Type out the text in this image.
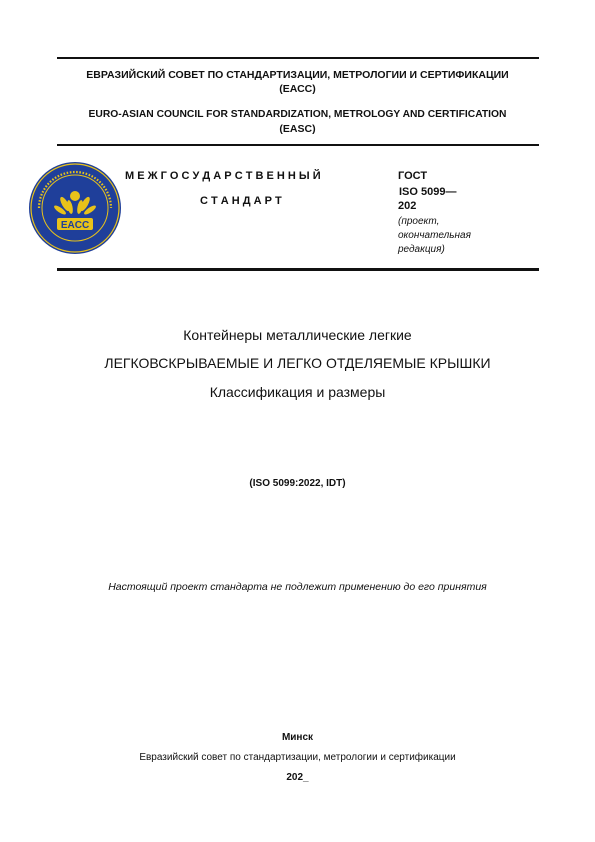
ЕВРАЗИЙСКИЙ СОВЕТ ПО СТАНДАРТИЗАЦИИ, МЕТРОЛОГИИ И СЕРТИФИКАЦИИ
(ЕАСС)
EURO-ASIAN COUNCIL FOR STANDARDIZATION, METROLOGY AND CERTIFICATION
(EASC)
EACC
М Е Ж Г О С У Д А Р С Т В Е Н Н Ы Й
С Т А Н Д А Р Т
ГОСТ
ISO 5099—
202
(проект,
окончательная
редакция)
Контейнеры металлические легкие
ЛЕГКОВСКРЫВАЕМЫЕ И ЛЕГКО ОТДЕЛЯЕМЫЕ КРЫШКИ
Классификация и размеры
(ISO 5099:2022, IDT)
Настоящий проект стандарта не подлежит применению до его принятия
Минск
Евразийский совет по стандартизации, метрологии и сертификации
202_
